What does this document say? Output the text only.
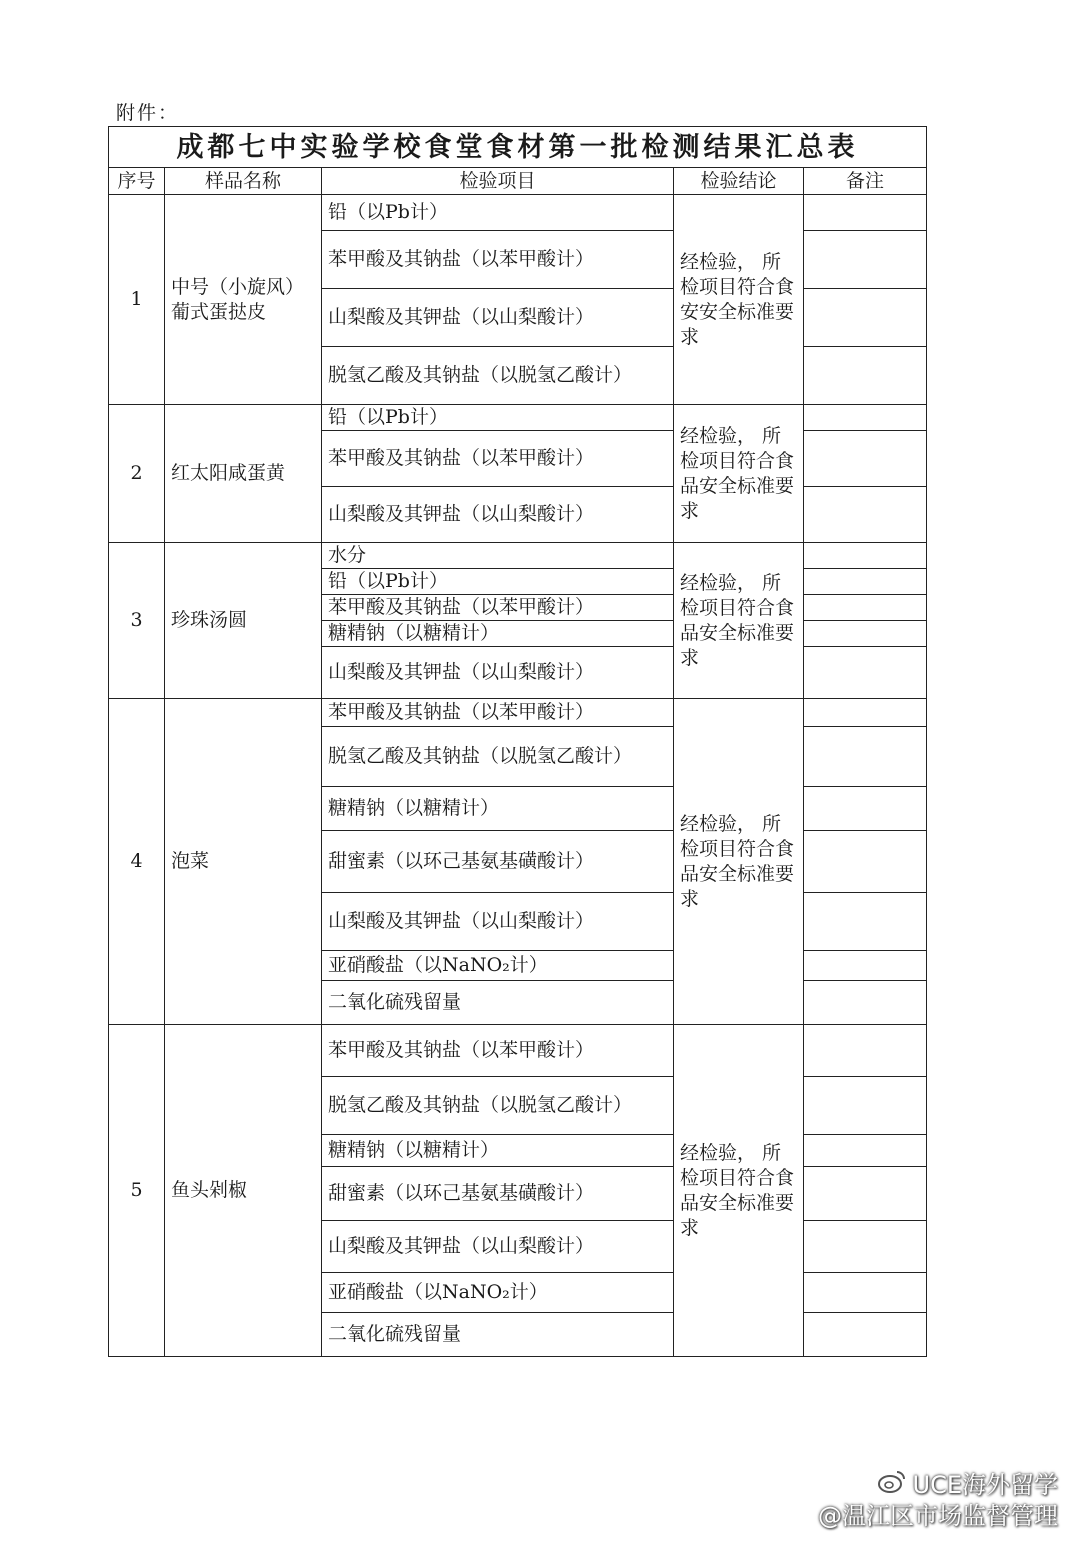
附件：
成都七中实验学校食堂食材第一批检测结果汇总表				
序号	样品名称	检验项目	检验结论	备注
1	中号（小旋风）葡式蛋挞皮	铅（以Pb计）	经检验， 所检项目符合食安安全标准要求	
		苯甲酸及其钠盐（以苯甲酸计）		
		山梨酸及其钾盐（以山梨酸计）		
		脱氢乙酸及其钠盐（以脱氢乙酸计）		
2	红太阳咸蛋黄	铅（以Pb计）	经检验， 所检项目符合食品安全标准要求	
		苯甲酸及其钠盐（以苯甲酸计）		
		山梨酸及其钾盐（以山梨酸计）		
3	珍珠汤圆	水分	经检验， 所检项目符合食品安全标准要求	
		铅（以Pb计）		
		苯甲酸及其钠盐（以苯甲酸计）		
		糖精钠（以糖精计）		
		山梨酸及其钾盐（以山梨酸计）		
4	泡菜	苯甲酸及其钠盐（以苯甲酸计）	经检验， 所检项目符合食品安全标准要求	
		脱氢乙酸及其钠盐（以脱氢乙酸计）		
		糖精钠（以糖精计）		
		甜蜜素（以环己基氨基磺酸计）		
		山梨酸及其钾盐（以山梨酸计）		
		亚硝酸盐（以NaNO₂计）		
		二氧化硫残留量		
5	鱼头剁椒	苯甲酸及其钠盐（以苯甲酸计）	经检验， 所检项目符合食品安全标准要求	
		脱氢乙酸及其钠盐（以脱氢乙酸计）		
		糖精钠（以糖精计）		
		甜蜜素（以环己基氨基磺酸计）		
		山梨酸及其钾盐（以山梨酸计）		
		亚硝酸盐（以NaNO₂计）		
		二氧化硫残留量		
UCE海外留学
@温江区市场监督管理
